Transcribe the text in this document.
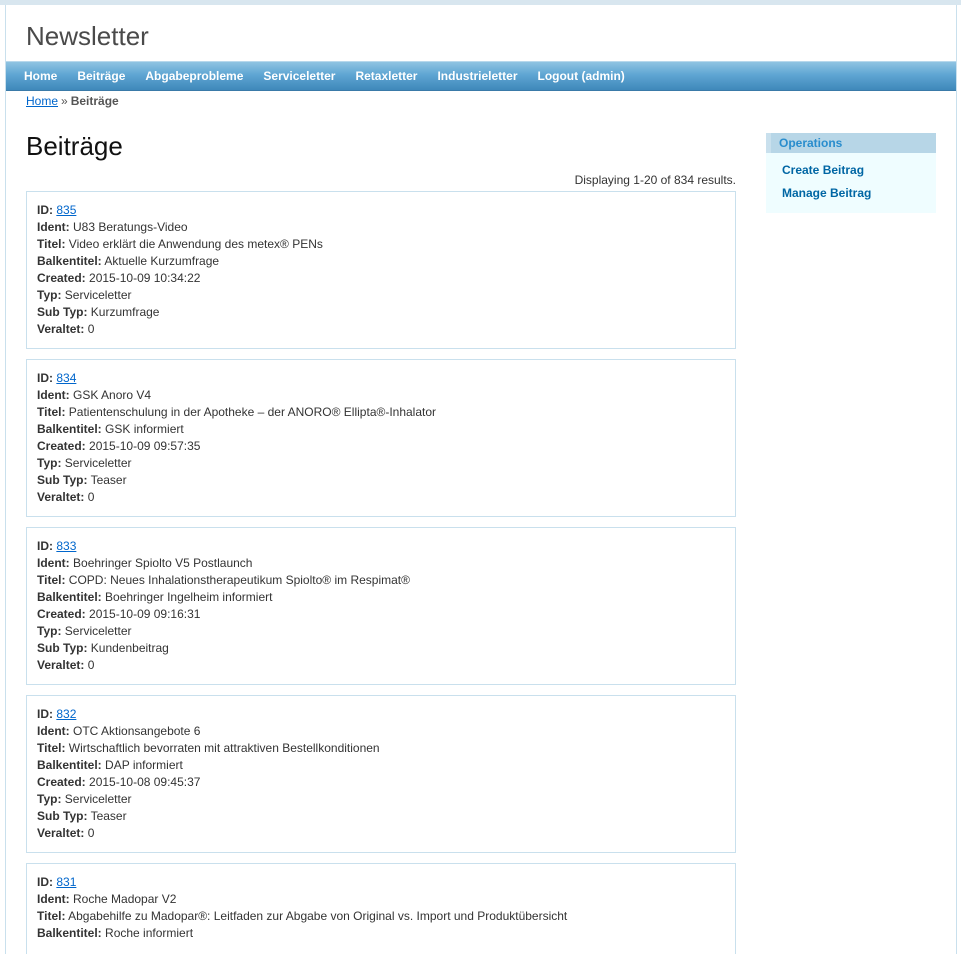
Newsletter
Home	Beiträge	Abgabeprobleme	Serviceletter	Retaxletter	Industrieletter	Logout (admin)
Home » Beiträge
Beiträge
Displaying 1-20 of 834 results.
ID: 835
Ident: U83 Beratungs-Video
Titel: Video erklärt die Anwendung des metex® PENs
Balkentitel: Aktuelle Kurzumfrage
Created: 2015-10-09 10:34:22
Typ: Serviceletter
Sub Typ: Kurzumfrage
Veraltet: 0
ID: 834
Ident: GSK Anoro V4
Titel: Patientenschulung in der Apotheke – der ANORO® Ellipta®-Inhalator
Balkentitel: GSK informiert
Created: 2015-10-09 09:57:35
Typ: Serviceletter
Sub Typ: Teaser
Veraltet: 0
ID: 833
Ident: Boehringer Spiolto V5 Postlaunch
Titel: COPD: Neues Inhalationstherapeutikum Spiolto® im Respimat®
Balkentitel: Boehringer Ingelheim informiert
Created: 2015-10-09 09:16:31
Typ: Serviceletter
Sub Typ: Kundenbeitrag
Veraltet: 0
ID: 832
Ident: OTC Aktionsangebote 6
Titel: Wirtschaftlich bevorraten mit attraktiven Bestellkonditionen
Balkentitel: DAP informiert
Created: 2015-10-08 09:45:37
Typ: Serviceletter
Sub Typ: Teaser
Veraltet: 0
ID: 831
Ident: Roche Madopar V2
Titel: Abgabehilfe zu Madopar®: Leitfaden zur Abgabe von Original vs. Import und Produktübersicht
Balkentitel: Roche informiert
Operations
Create Beitrag
Manage Beitrag
